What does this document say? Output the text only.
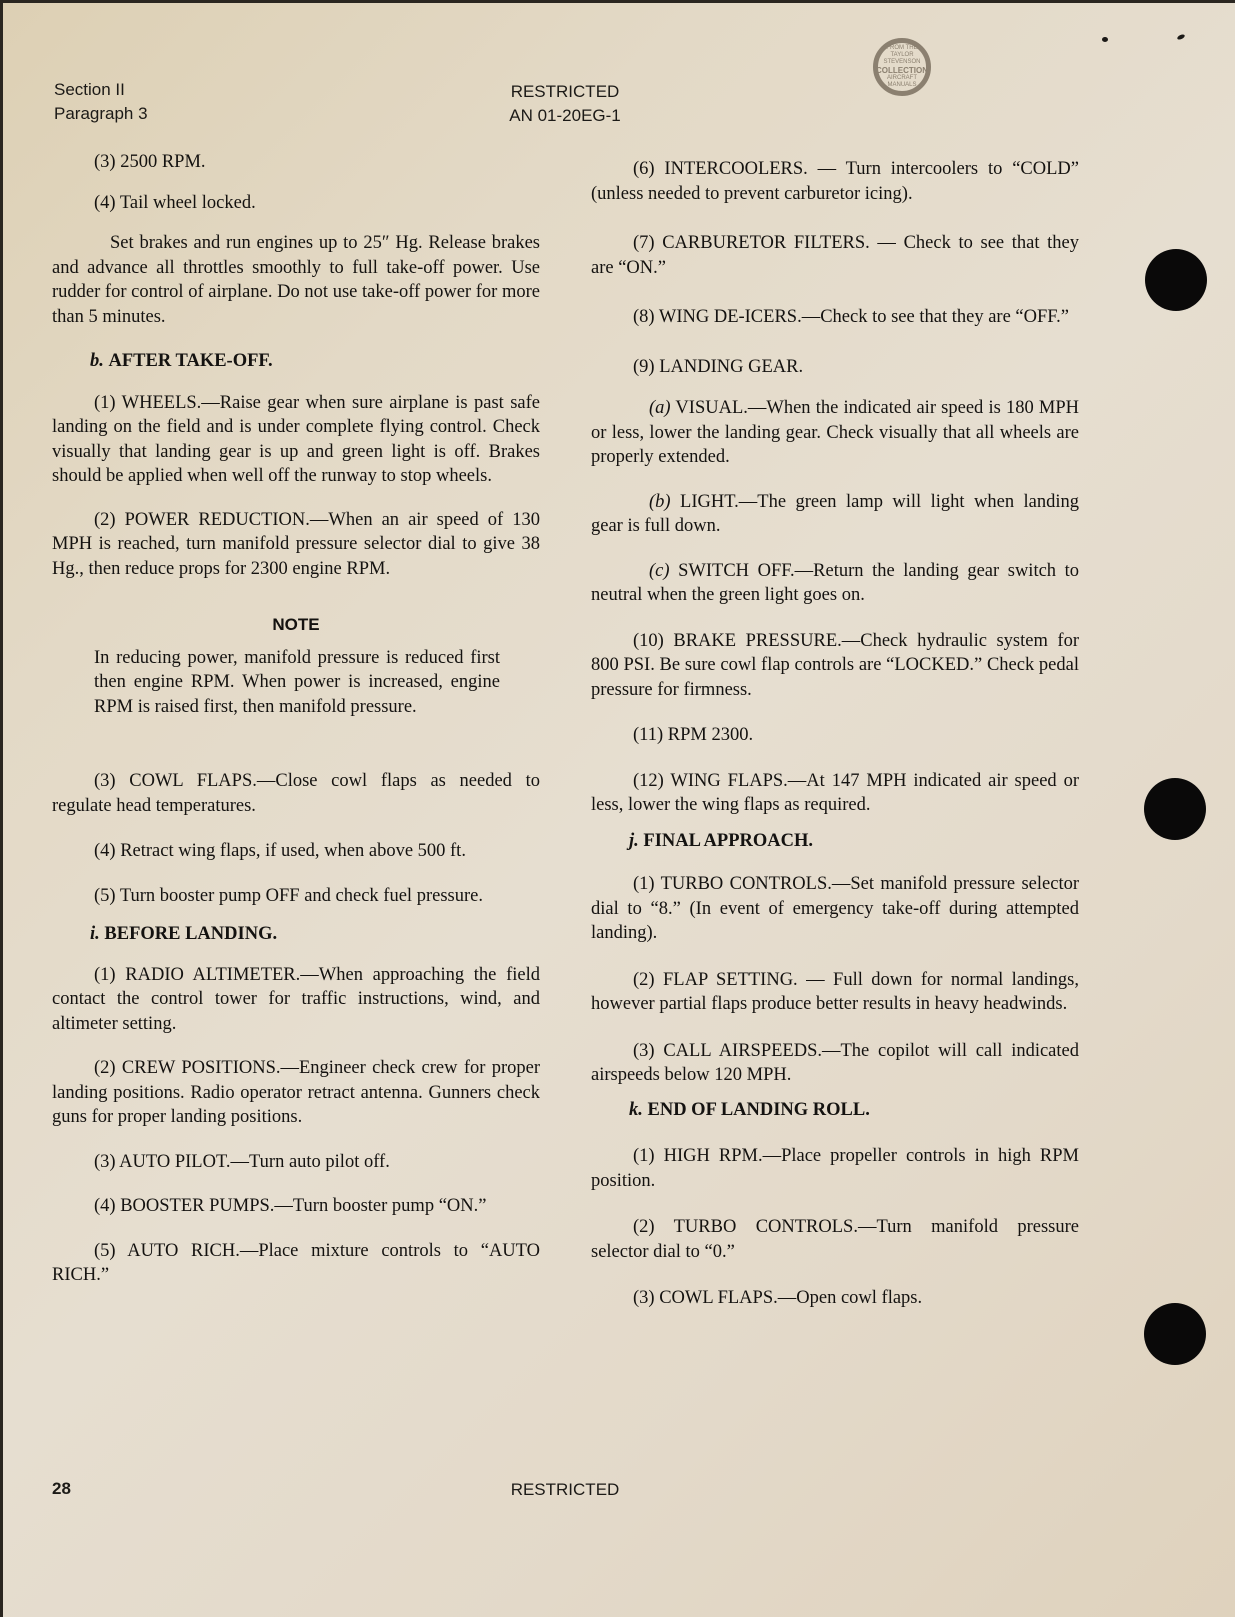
Section II
Paragraph 3
RESTRICTED
AN 01-20EG-1
FROM THE
TAYLOR
STEVENSON
COLLECTION
AIRCRAFT
MANUALS

(3) 2500 RPM.

(4) Tail wheel locked.

Set brakes and run engines up to 25″ Hg. Release brakes and advance all throttles smoothly to full take-off power. Use rudder for control of airplane. Do not use take-off power for more than 5 minutes.

b. AFTER TAKE-OFF.

(1) WHEELS.—Raise gear when sure airplane is past safe landing on the field and is under complete flying control. Check visually that landing gear is up and green light is off. Brakes should be applied when well off the runway to stop wheels.

(2) POWER REDUCTION.—When an air speed of 130 MPH is reached, turn manifold pressure selector dial to give 38 Hg., then reduce props for 2300 engine RPM.

NOTE

In reducing power, manifold pressure is reduced first then engine RPM. When power is increased, engine RPM is raised first, then manifold pressure.

(3) COWL FLAPS.—Close cowl flaps as needed to regulate head temperatures.

(4) Retract wing flaps, if used, when above 500 ft.

(5) Turn booster pump OFF and check fuel pressure.

i. BEFORE LANDING.

(1) RADIO ALTIMETER.—When approaching the field contact the control tower for traffic instructions, wind, and altimeter setting.

(2) CREW POSITIONS.—Engineer check crew for proper landing positions. Radio operator retract antenna. Gunners check guns for proper landing positions.

(3) AUTO PILOT.—Turn auto pilot off.

(4) BOOSTER PUMPS.—Turn booster pump “ON.”

(5) AUTO RICH.—Place mixture controls to “AUTO RICH.”

(6) INTERCOOLERS. — Turn intercoolers to “COLD” (unless needed to prevent carburetor icing).

(7) CARBURETOR FILTERS. — Check to see that they are “ON.”

(8) WING DE-ICERS.—Check to see that they are “OFF.”

(9) LANDING GEAR.

(a) VISUAL.—When the indicated air speed is 180 MPH or less, lower the landing gear. Check visually that all wheels are properly extended.

(b) LIGHT.—The green lamp will light when landing gear is full down.

(c) SWITCH OFF.—Return the landing gear switch to neutral when the green light goes on.

(10) BRAKE PRESSURE.—Check hydraulic system for 800 PSI. Be sure cowl flap controls are “LOCKED.” Check pedal pressure for firmness.

(11) RPM 2300.

(12) WING FLAPS.—At 147 MPH indicated air speed or less, lower the wing flaps as required.

j. FINAL APPROACH.

(1) TURBO CONTROLS.—Set manifold pressure selector dial to “8.” (In event of emergency take-off during attempted landing).

(2) FLAP SETTING. — Full down for normal landings, however partial flaps produce better results in heavy headwinds.

(3) CALL AIRSPEEDS.—The copilot will call indicated airspeeds below 120 MPH.

k. END OF LANDING ROLL.

(1) HIGH RPM.—Place propeller controls in high RPM position.

(2) TURBO CONTROLS.—Turn manifold pressure selector dial to “0.”

(3) COWL FLAPS.—Open cowl flaps.

28	RESTRICTED
